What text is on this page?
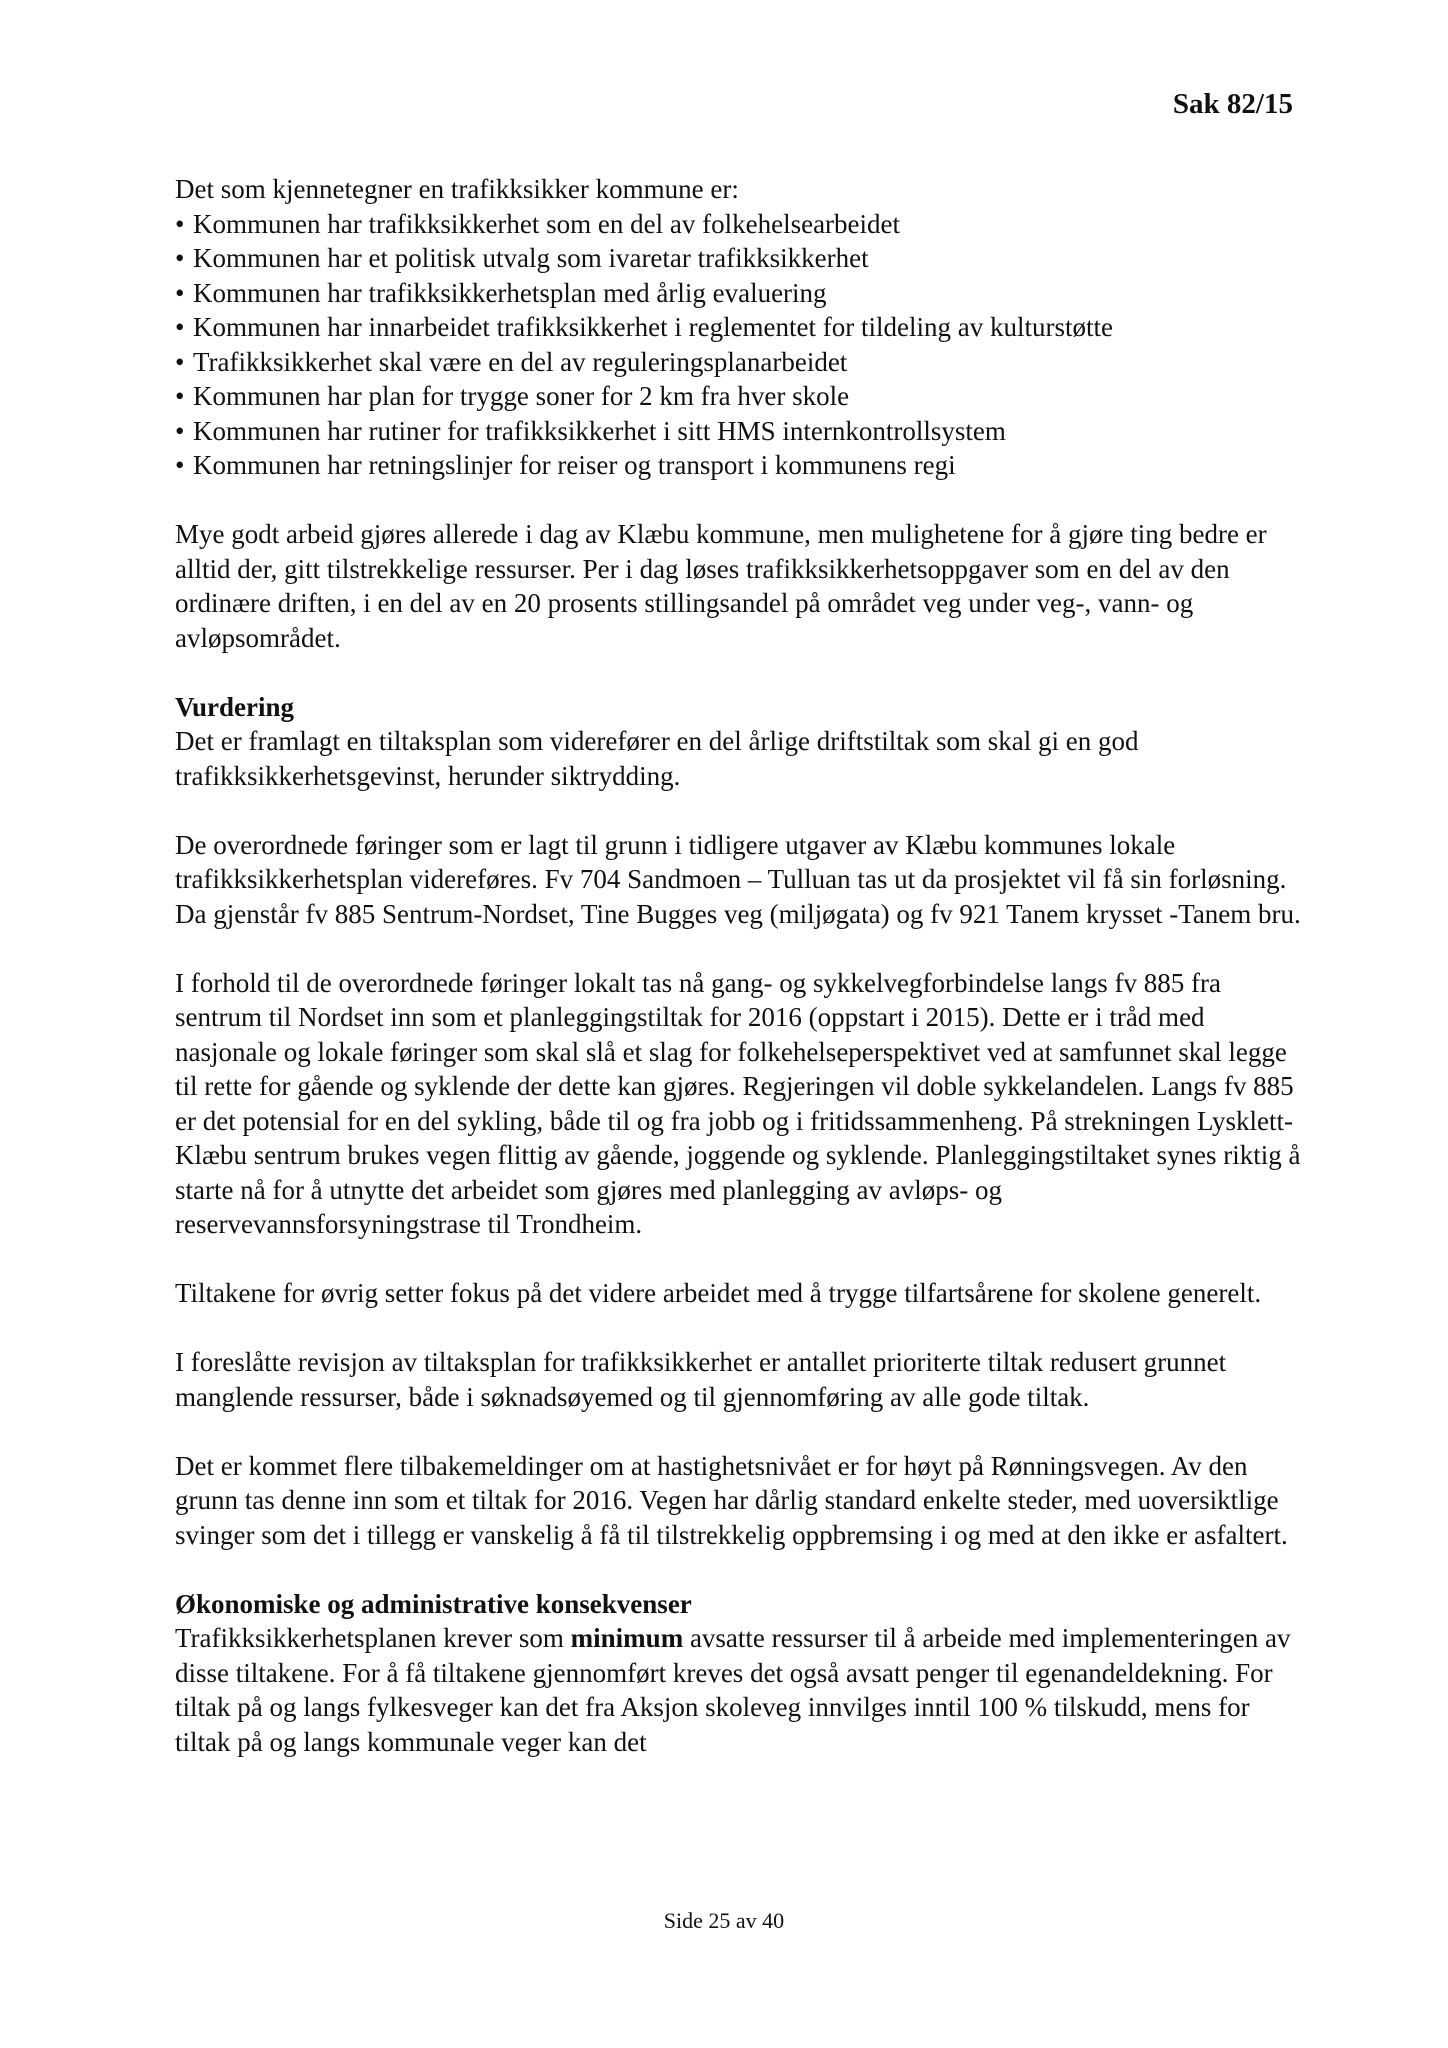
Sak 82/15

Det som kjennetegner en trafikksikker kommune er:

• Kommunen har trafikksikkerhet som en del av folkehelsearbeidet
• Kommunen har et politisk utvalg som ivaretar trafikksikkerhet
• Kommunen har trafikksikkerhetsplan med årlig evaluering
• Kommunen har innarbeidet trafikksikkerhet i reglementet for tildeling av kulturstøtte
• Trafikksikkerhet skal være en del av reguleringsplanarbeidet
• Kommunen har plan for trygge soner for 2 km fra hver skole
• Kommunen har rutiner for trafikksikkerhet i sitt HMS internkontrollsystem
• Kommunen har retningslinjer for reiser og transport i kommunens regi

Mye godt arbeid gjøres allerede i dag av Klæbu kommune, men mulighetene for å gjøre ting bedre er alltid der, gitt tilstrekkelige ressurser. Per i dag løses trafikksikkerhetsoppgaver som en del av den ordinære driften, i en del av en 20 prosents stillingsandel på området veg under veg-, vann- og avløpsområdet.

Vurdering

Det er framlagt en tiltaksplan som viderefører en del årlige driftstiltak som skal gi en god trafikksikkerhetsgevinst, herunder siktrydding.

De overordnede føringer som er lagt til grunn i tidligere utgaver av Klæbu kommunes lokale trafikksikkerhetsplan videreføres. Fv 704 Sandmoen – Tulluan tas ut da prosjektet vil få sin forløsning. Da gjenstår fv 885 Sentrum-Nordset, Tine Bugges veg (miljøgata) og fv 921 Tanem krysset -Tanem bru.

I forhold til de overordnede føringer lokalt tas nå gang- og sykkelvegforbindelse langs fv 885 fra sentrum til Nordset inn som et planleggingstiltak for 2016 (oppstart i 2015). Dette er i tråd med nasjonale og lokale føringer som skal slå et slag for folkehelseperspektivet ved at samfunnet skal legge til rette for gående og syklende der dette kan gjøres. Regjeringen vil doble sykkelandelen. Langs fv 885 er det potensial for en del sykling, både til og fra jobb og i fritidssammenheng. På strekningen Lysklett-Klæbu sentrum brukes vegen flittig av gående, joggende og syklende. Planleggingstiltaket synes riktig å starte nå for å utnytte det arbeidet som gjøres med planlegging av avløps- og reservevannsforsyningstrase til Trondheim.

Tiltakene for øvrig setter fokus på det videre arbeidet med å trygge tilfartsårene for skolene generelt.

I foreslåtte revisjon av tiltaksplan for trafikksikkerhet er antallet prioriterte tiltak redusert grunnet manglende ressurser, både i søknadsøyemed og til gjennomføring av alle gode tiltak.

Det er kommet flere tilbakemeldinger om at hastighetsnivået er for høyt på Rønningsvegen. Av den grunn tas denne inn som et tiltak for 2016. Vegen har dårlig standard enkelte steder, med uoversiktlige svinger som det i tillegg er vanskelig å få til tilstrekkelig oppbremsing i og med at den ikke er asfaltert.

Økonomiske og administrative konsekvenser

Trafikksikkerhetsplanen krever som minimum avsatte ressurser til å arbeide med implementeringen av disse tiltakene. For å få tiltakene gjennomført kreves det også avsatt penger til egenandeldekning. For tiltak på og langs fylkesveger kan det fra Aksjon skoleveg innvilges inntil 100 % tilskudd, mens for tiltak på og langs kommunale veger kan det

Side 25 av 40
